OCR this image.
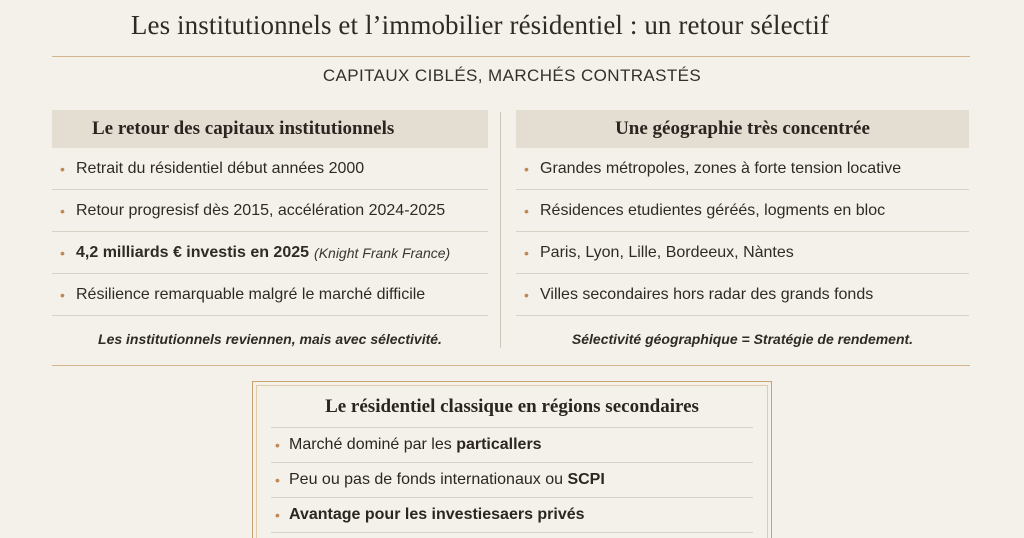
Les institutionnels et l’immobilier résidentiel : un retour sélectif
CAPITAUX CIBLÉS, MARCHÉS CONTRASTÉS
Le retour des capitaux institutionnels
• Retrait du résidentiel début années 2000
• Retour progresisf dès 2015, accélération 2024-2025
• 4,2 milliards € investis en 2025 (Knight Frank France)
• Résilience remarquable malgré le marché difficile
Les institutionnels reviennen, mais avec sélectivité.
Une géographie très concentrée
• Grandes métropoles, zones à forte tension locative
• Résidences etudientes géréés, logments en bloc
• Paris, Lyon, Lille, Bordeeux, Nàntes
• Villes secondaires hors radar des grands fonds
Sélectivité géographique = Stratégie de rendement.
Le résidentiel classique en régions secondaires
• Marché dominé par les particallers
• Peu ou pas de fonds internationaux ou SCPI
• Avantage pour les investiesaers privés
